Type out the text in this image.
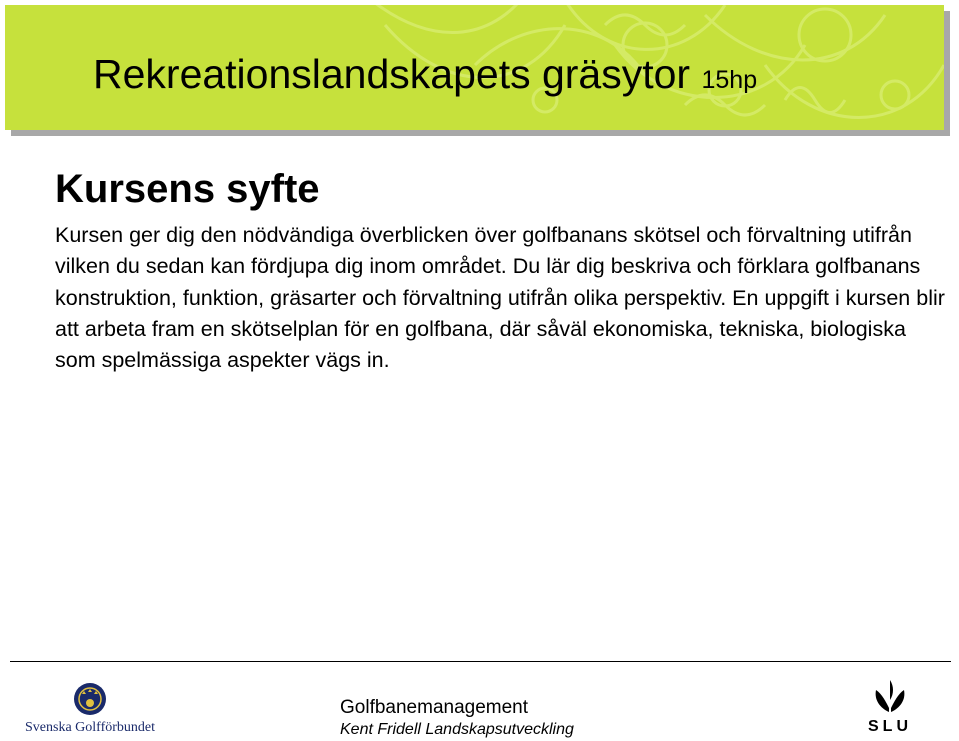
Rekreationslandskapets gräsytor 15hp
Kursens syfte

Kursen ger dig den nödvändiga överblicken över golfbanans skötsel och förvaltning utifrån vilken du sedan kan fördjupa dig inom området. Du lär dig beskriva och förklara golfbanans konstruktion, funktion, gräsarter och förvaltning utifrån olika perspektiv. En uppgift i kursen blir att arbeta fram en skötselplan för en golfbana, där såväl ekonomiska, tekniska, biologiska som spelmässiga aspekter vägs in.

Svenska Golfförbundet
Golfbanemanagement
Kent Fridell Landskapsutveckling	SLU
